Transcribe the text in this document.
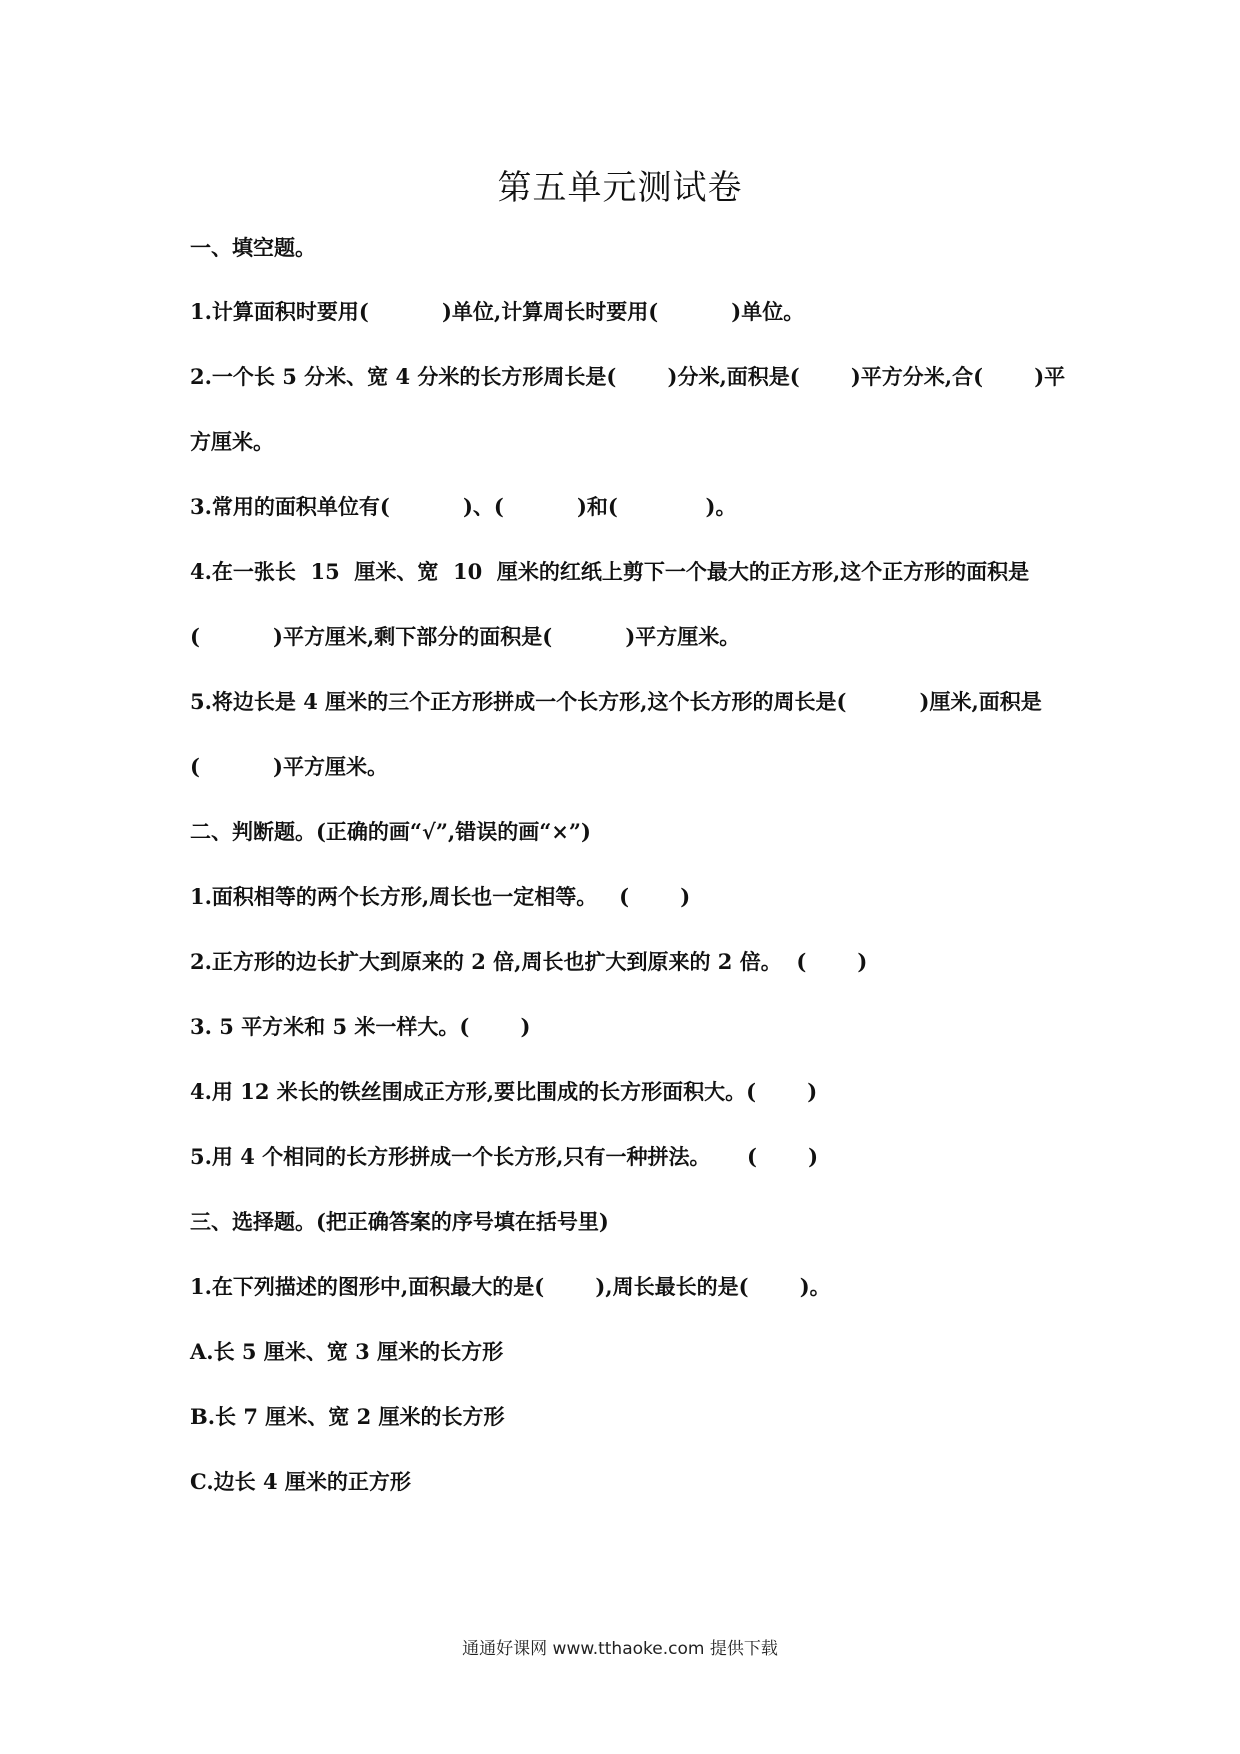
第五单元测试卷
一、填空题。
1.计算面积时要用(          )单位,计算周长时要用(          )单位。
2.一个长 5 分米、宽 4 分米的长方形周长是(       )分米,面积是(       )平方分米,合(       )平
方厘米。
3.常用的面积单位有(          )、(          )和(            )。
4.在一张长  15  厘米、宽  10  厘米的红纸上剪下一个最大的正方形,这个正方形的面积是
(          )平方厘米,剩下部分的面积是(          )平方厘米。
5.将边长是 4 厘米的三个正方形拼成一个长方形,这个长方形的周长是(          )厘米,面积是
(          )平方厘米。
二、判断题。(正确的画“√”,错误的画“×”)
1.面积相等的两个长方形,周长也一定相等。   (       )
2.正方形的边长扩大到原来的 2 倍,周长也扩大到原来的 2 倍。  (       )
3. 5 平方米和 5 米一样大。(       )
4.用 12 米长的铁丝围成正方形,要比围成的长方形面积大。(       )
5.用 4 个相同的长方形拼成一个长方形,只有一种拼法。     (       )
三、选择题。(把正确答案的序号填在括号里)
1.在下列描述的图形中,面积最大的是(       ),周长最长的是(       )。
A.长 5 厘米、宽 3 厘米的长方形
B.长 7 厘米、宽 2 厘米的长方形
C.边长 4 厘米的正方形
通通好课网 www.tthaoke.com 提供下载
